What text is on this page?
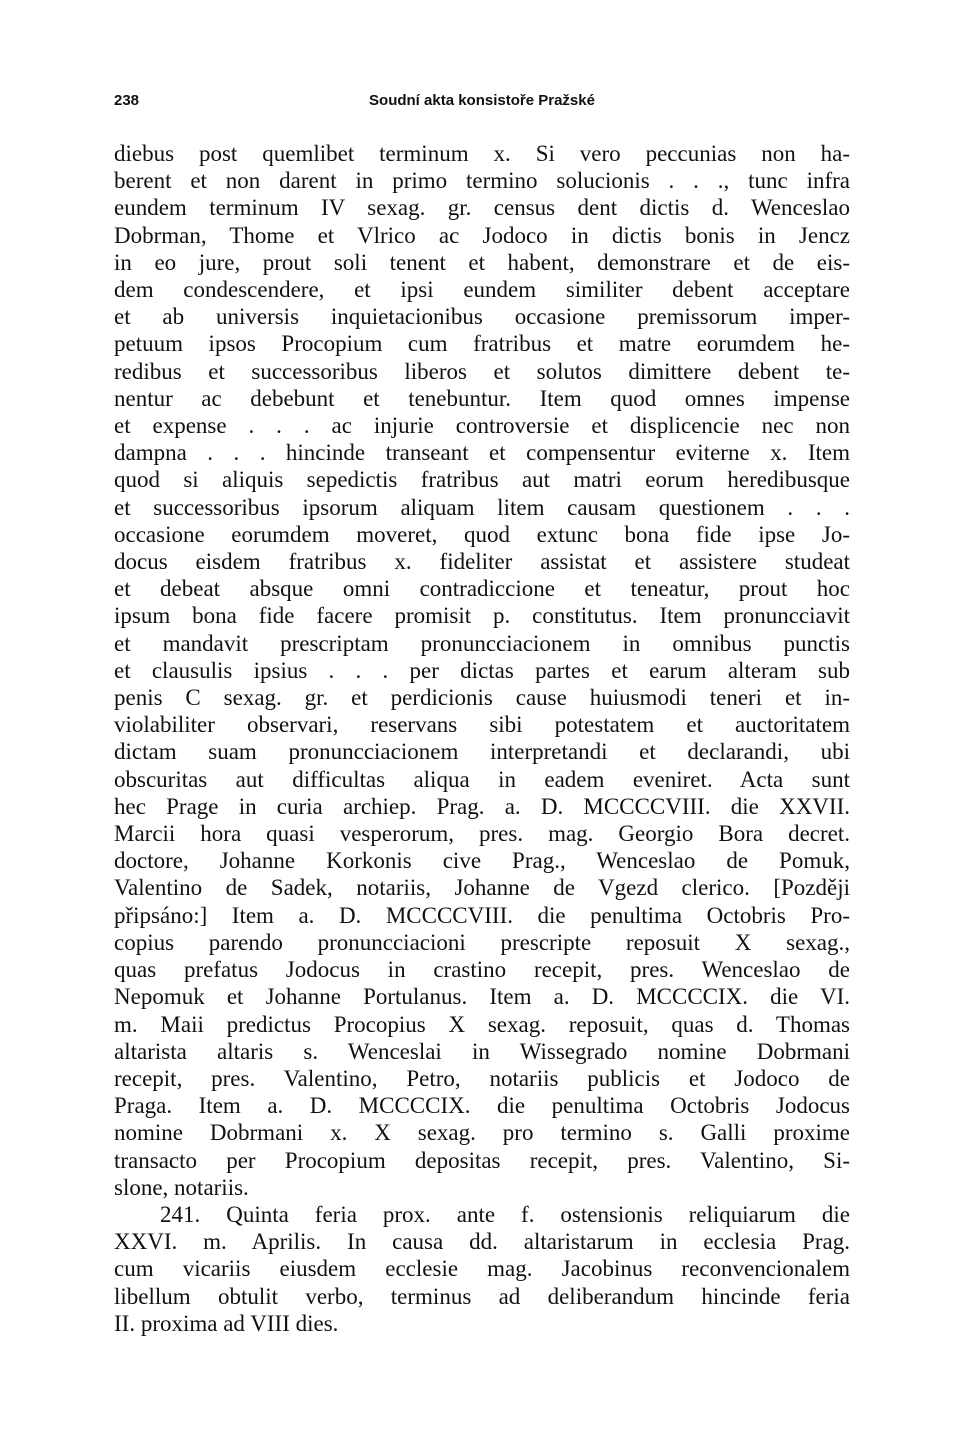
238	Soudní akta konsistoře Pražské

diebus post quemlibet terminum x. Si vero peccunias non ha-

berent et non darent in primo termino solucionis . . ., tunc infra

eundem terminum IV sexag. gr. census dent dictis d. Wenceslao

Dobrman, Thome et Vlrico ac Jodoco in dictis bonis in Jencz

in eo jure, prout soli tenent et habent, demonstrare et de eis-

dem condescendere, et ipsi eundem similiter debent acceptare

et ab universis inquietacionibus occasione premissorum imper-

petuum ipsos Procopium cum fratribus et matre eorumdem he-

redibus et successoribus liberos et solutos dimittere debent te-

nentur ac debebunt et tenebuntur. Item quod omnes impense

et expense . . . ac injurie controversie et displicencie nec non

dampna . . . hincinde transeant et compensentur eviterne x. Item

quod si aliquis sepedictis fratribus aut matri eorum heredibusque

et successoribus ipsorum aliquam litem causam questionem . . .

occasione eorumdem moveret, quod extunc bona fide ipse Jo-

docus eisdem fratribus x. fideliter assistat et assistere studeat

et debeat absque omni contradiccione et teneatur, prout hoc

ipsum bona fide facere promisit p. constitutus. Item pronuncciavit

et mandavit prescriptam pronuncciacionem in omnibus punctis

et clausulis ipsius . . . per dictas partes et earum alteram sub

penis C sexag. gr. et perdicionis cause huiusmodi teneri et in-

violabiliter observari, reservans sibi potestatem et auctoritatem

dictam suam pronuncciacionem interpretandi et declarandi, ubi

obscuritas aut difficultas aliqua in eadem eveniret. Acta sunt

hec Prage in curia archiep. Prag. a. D. MCCCCVIII. die XXVII.

Marcii hora quasi vesperorum, pres. mag. Georgio Bora decret.

doctore, Johanne Korkonis cive Prag., Wenceslao de Pomuk,

Valentino de Sadek, notariis, Johanne de Vgezd clerico. [Později

připsáno:] Item a. D. MCCCCVIII. die penultima Octobris Pro-

copius parendo pronuncciacioni prescripte reposuit X sexag.,

quas prefatus Jodocus in crastino recepit, pres. Wenceslao de

Nepomuk et Johanne Portulanus. Item a. D. MCCCCIX. die VI.

m. Maii predictus Procopius X sexag. reposuit, quas d. Thomas

altarista altaris s. Wenceslai in Wissegrado nomine Dobrmani

recepit, pres. Valentino, Petro, notariis publicis et Jodoco de

Praga. Item a. D. MCCCCIX. die penultima Octobris Jodocus

nomine Dobrmani x. X sexag. pro termino s. Galli proxime

transacto per Procopium depositas recepit, pres. Valentino, Si-

slone, notariis.

241. Quinta feria prox. ante f. ostensionis reliquiarum die

XXVI. m. Aprilis. In causa dd. altaristarum in ecclesia Prag.

cum vicariis eiusdem ecclesie mag. Jacobinus reconvencionalem

libellum obtulit verbo, terminus ad deliberandum hincinde feria

II. proxima ad VIII dies.
